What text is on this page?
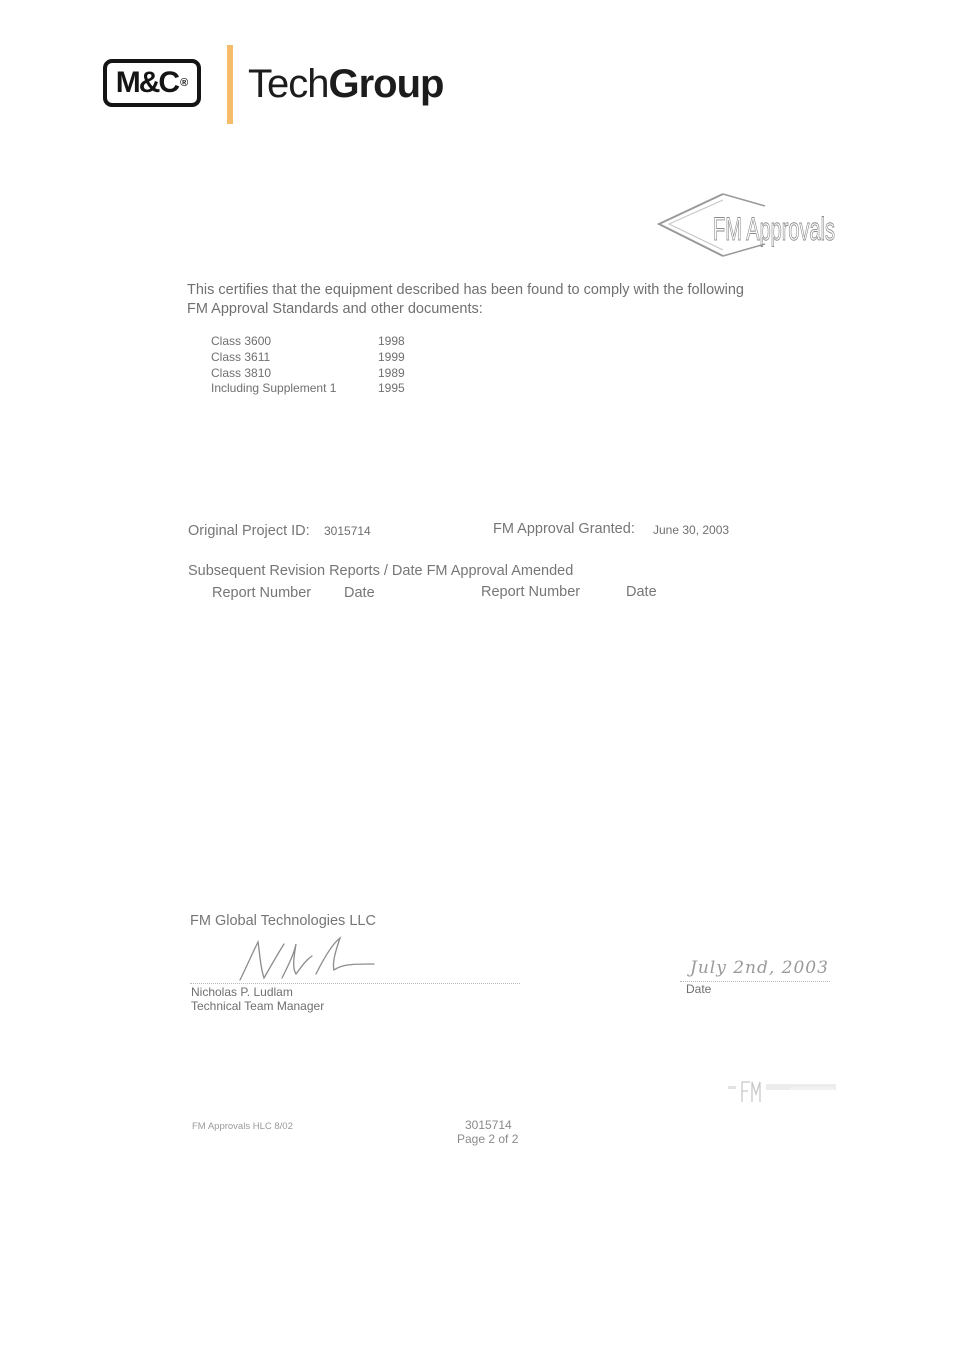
M&C ® TechGroup
FM Approvals
This certifies that the equipment described has been found to comply with the following
FM Approval Standards and other documents:
Class 3600	1998
Class 3611	1999
Class 3810	1989
Including Supplement 1	1995
Original Project ID: 3015714	FM Approval Granted: June 30, 2003
Subsequent Revision Reports / Date FM Approval Amended
Report Number Date	Report Number	Date
FM Global Technologies LLC
Nicholas P. Ludlam
Technical Team Manager
July 2nd, 2003
Date
FM Approvals HLC 8/02	3015714
Page 2 of 2
